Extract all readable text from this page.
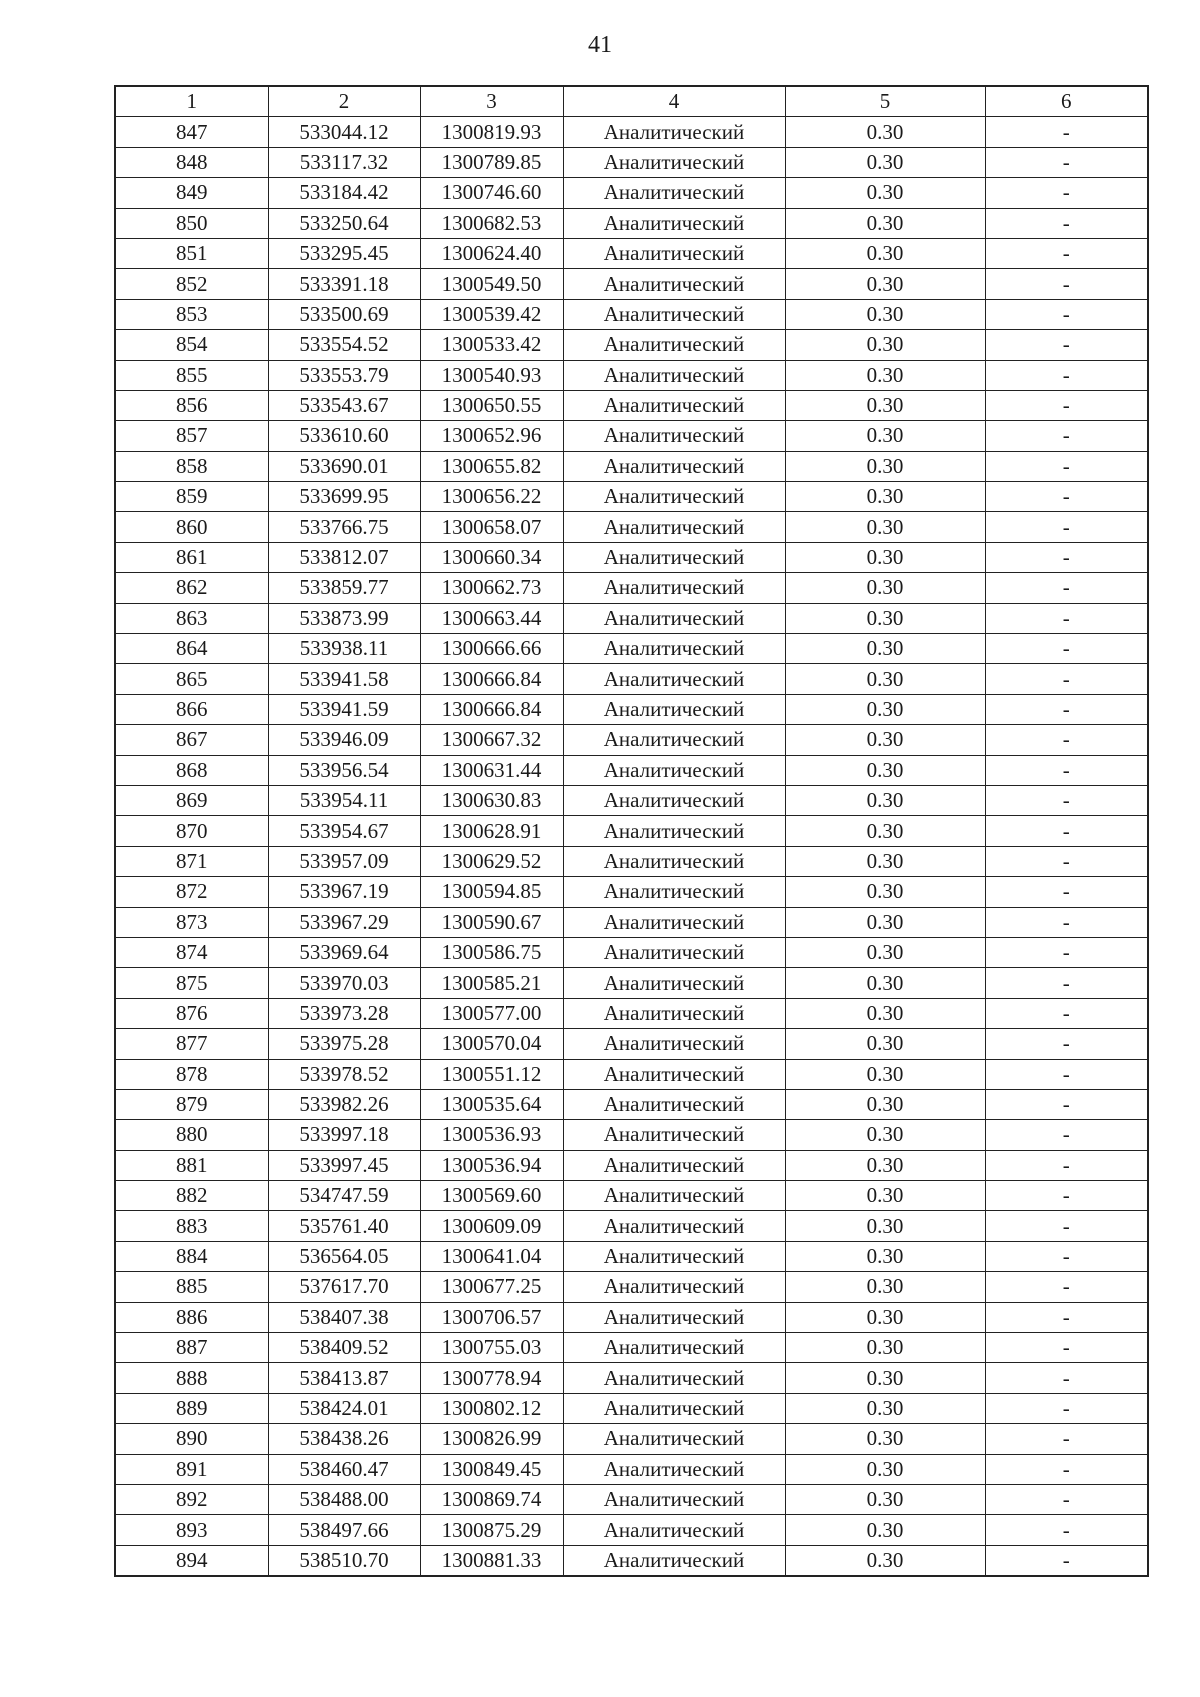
41
1	2	3	4	5	6
847	533044.12	1300819.93	Аналитический	0.30	-
848	533117.32	1300789.85	Аналитический	0.30	-
849	533184.42	1300746.60	Аналитический	0.30	-
850	533250.64	1300682.53	Аналитический	0.30	-
851	533295.45	1300624.40	Аналитический	0.30	-
852	533391.18	1300549.50	Аналитический	0.30	-
853	533500.69	1300539.42	Аналитический	0.30	-
854	533554.52	1300533.42	Аналитический	0.30	-
855	533553.79	1300540.93	Аналитический	0.30	-
856	533543.67	1300650.55	Аналитический	0.30	-
857	533610.60	1300652.96	Аналитический	0.30	-
858	533690.01	1300655.82	Аналитический	0.30	-
859	533699.95	1300656.22	Аналитический	0.30	-
860	533766.75	1300658.07	Аналитический	0.30	-
861	533812.07	1300660.34	Аналитический	0.30	-
862	533859.77	1300662.73	Аналитический	0.30	-
863	533873.99	1300663.44	Аналитический	0.30	-
864	533938.11	1300666.66	Аналитический	0.30	-
865	533941.58	1300666.84	Аналитический	0.30	-
866	533941.59	1300666.84	Аналитический	0.30	-
867	533946.09	1300667.32	Аналитический	0.30	-
868	533956.54	1300631.44	Аналитический	0.30	-
869	533954.11	1300630.83	Аналитический	0.30	-
870	533954.67	1300628.91	Аналитический	0.30	-
871	533957.09	1300629.52	Аналитический	0.30	-
872	533967.19	1300594.85	Аналитический	0.30	-
873	533967.29	1300590.67	Аналитический	0.30	-
874	533969.64	1300586.75	Аналитический	0.30	-
875	533970.03	1300585.21	Аналитический	0.30	-
876	533973.28	1300577.00	Аналитический	0.30	-
877	533975.28	1300570.04	Аналитический	0.30	-
878	533978.52	1300551.12	Аналитический	0.30	-
879	533982.26	1300535.64	Аналитический	0.30	-
880	533997.18	1300536.93	Аналитический	0.30	-
881	533997.45	1300536.94	Аналитический	0.30	-
882	534747.59	1300569.60	Аналитический	0.30	-
883	535761.40	1300609.09	Аналитический	0.30	-
884	536564.05	1300641.04	Аналитический	0.30	-
885	537617.70	1300677.25	Аналитический	0.30	-
886	538407.38	1300706.57	Аналитический	0.30	-
887	538409.52	1300755.03	Аналитический	0.30	-
888	538413.87	1300778.94	Аналитический	0.30	-
889	538424.01	1300802.12	Аналитический	0.30	-
890	538438.26	1300826.99	Аналитический	0.30	-
891	538460.47	1300849.45	Аналитический	0.30	-
892	538488.00	1300869.74	Аналитический	0.30	-
893	538497.66	1300875.29	Аналитический	0.30	-
894	538510.70	1300881.33	Аналитический	0.30	-
